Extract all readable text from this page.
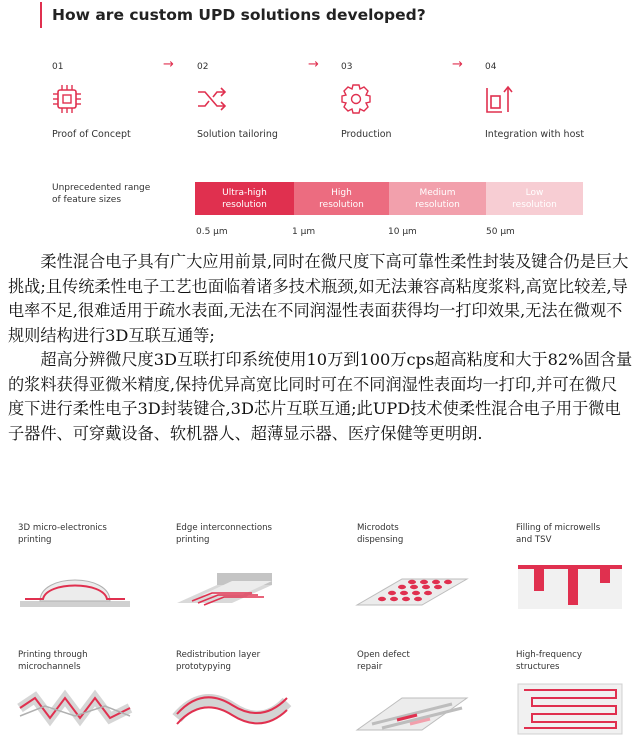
How are custom UPD solutions developed?
01	02	03	04
→	→	→
Proof of Concept	Solution tailoring	Production	Integration with host
Unprecedented range
of feature sizes
Ultra-high
resolution
High
resolution
Medium
resolution
Low
resolution
0.5 μm	1 μm	10 μm	50 μm

柔性混合电子具有广大应用前景,同时在微尺度下高可靠性柔性封装及键合仍是巨大挑战;且传统柔性电子工艺也面临着诸多技术瓶颈,如无法兼容高粘度浆料,高宽比较差,导电率不足,很难适用于疏水表面,无法在不同润湿性表面获得均一打印效果,无法在微观不规则结构进行3D互联互通等;

超高分辨微尺度3D互联打印系统使用10万到100万cps超高粘度和大于82%固含量的浆料获得亚微米精度,保持优异高宽比同时可在不同润湿性表面均一打印,并可在微尺度下进行柔性电子3D封装键合,3D芯片互联互通;此UPD技术使柔性混合电子用于微电子器件、可穿戴设备、软机器人、超薄显示器、医疗保健等更明朗.

3D micro-electronics
printing
Edge interconnections
printing
Microdots
dispensing
Filling of microwells
and TSV
Printing through
microchannels
Redistribution layer
prototypying
Open defect
repair
High-frequency
structures
